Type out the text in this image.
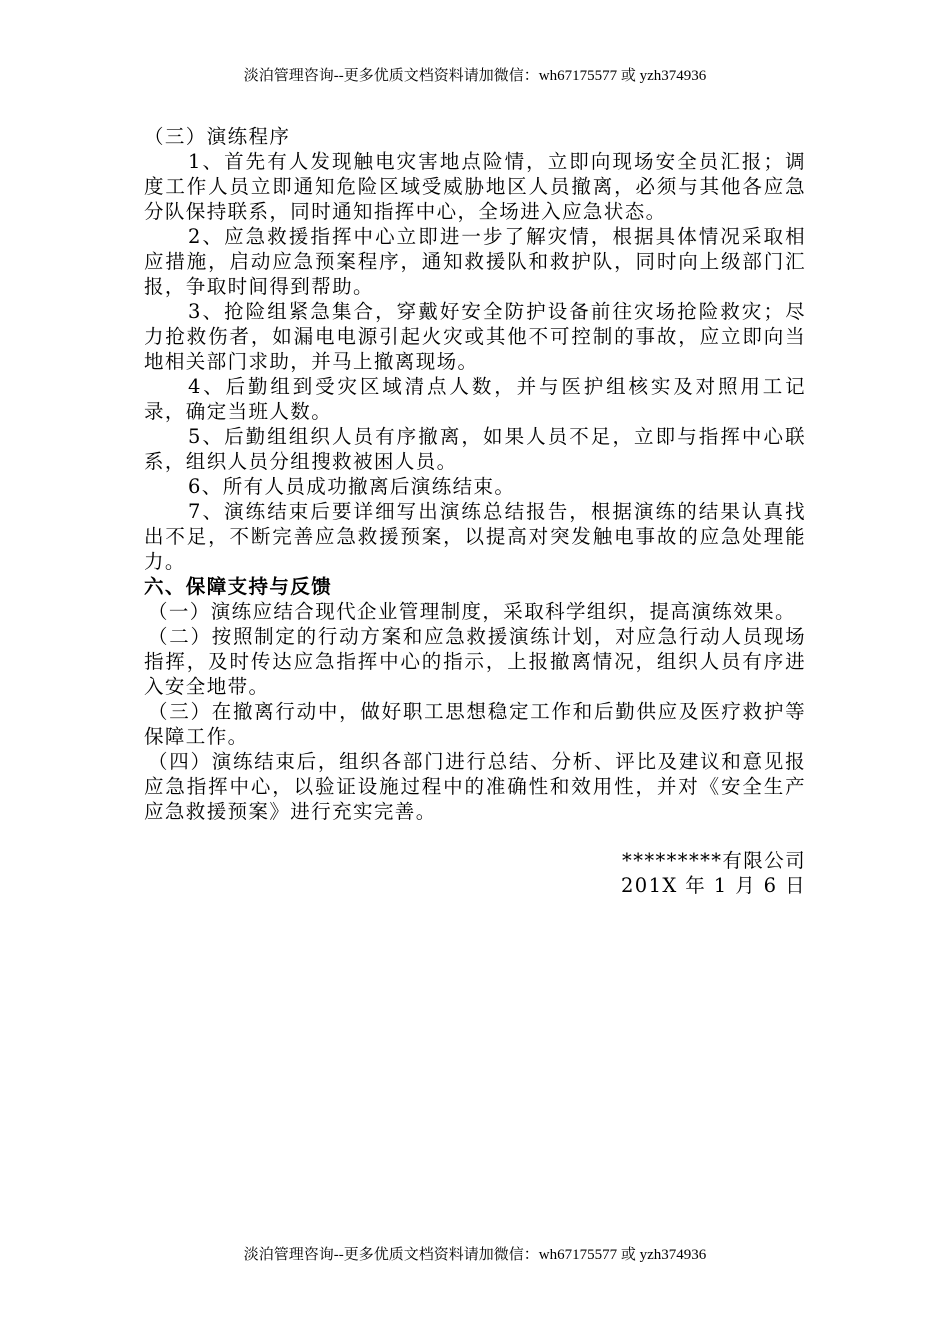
淡泊管理咨询--更多优质文档资料请加微信：wh67175577 或 yzh374936

（三）演练程序

1、首先有人发现触电灾害地点险情，立即向现场安全员汇报；调度工作人员立即通知危险区域受威胁地区人员撤离，必须与其他各应急分队保持联系，同时通知指挥中心，全场进入应急状态。

2、应急救援指挥中心立即进一步了解灾情，根据具体情况采取相应措施，启动应急预案程序，通知救援队和救护队，同时向上级部门汇报，争取时间得到帮助。

3、抢险组紧急集合，穿戴好安全防护设备前往灾场抢险救灾；尽力抢救伤者，如漏电电源引起火灾或其他不可控制的事故，应立即向当地相关部门求助，并马上撤离现场。

4、后勤组到受灾区域清点人数，并与医护组核实及对照用工记录，确定当班人数。

5、后勤组组织人员有序撤离，如果人员不足，立即与指挥中心联系，组织人员分组搜救被困人员。

6、所有人员成功撤离后演练结束。

7、演练结束后要详细写出演练总结报告，根据演练的结果认真找出不足，不断完善应急救援预案，以提高对突发触电事故的应急处理能力。

六、保障支持与反馈

（一）演练应结合现代企业管理制度，采取科学组织，提高演练效果。

（二）按照制定的行动方案和应急救援演练计划，对应急行动人员现场指挥，及时传达应急指挥中心的指示，上报撤离情况，组织人员有序进入安全地带。

（三）在撤离行动中，做好职工思想稳定工作和后勤供应及医疗救护等保障工作。

（四）演练结束后，组织各部门进行总结、分析、评比及建议和意见报应急指挥中心，以验证设施过程中的准确性和效用性，并对《安全生产应急救援预案》进行充实完善。

*********有限公司
201X 年 1 月 6 日
淡泊管理咨询--更多优质文档资料请加微信：wh67175577 或 yzh374936
